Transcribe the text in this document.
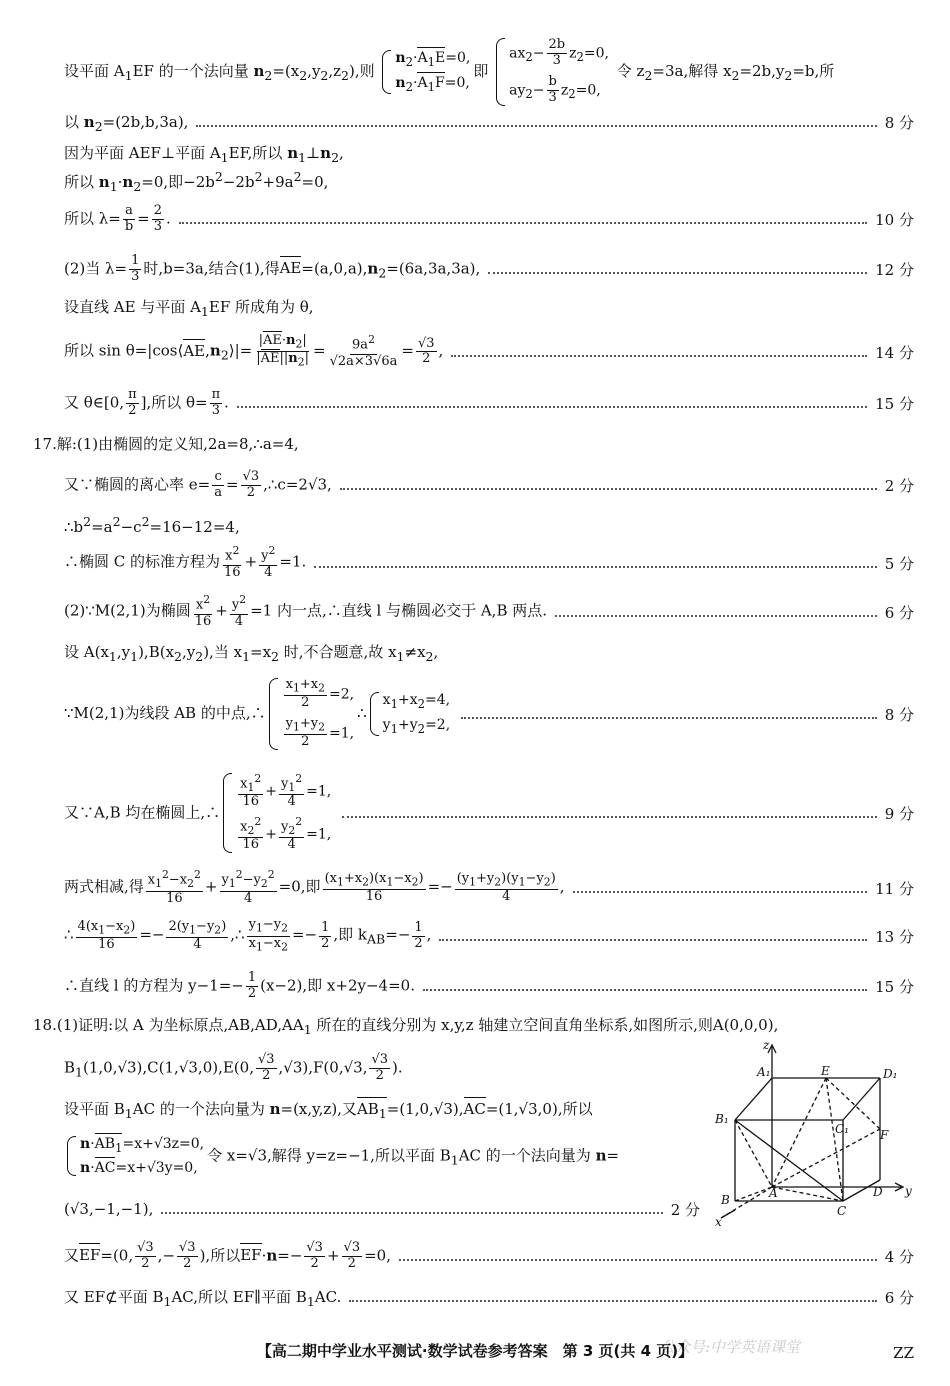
设平面 $A_1EF$ 的一个法向量 $n_2=(x_2,y_2,z_2)$,则
$n_2\cdot A_1E=0$,
$n_2\cdot A_1F=0$,
即
$ax_2- \frac{2b}{3} z_2=0$,
$ay_2- \frac{b}{3} z_2=0$,
令 $z_2=3a$,解得 $x_2=2b,y_2=b$,所
以 $n_2=(2b,b,3a)$,	8 分
因为平面 AEF⊥平面 $A_1EF$,所以 $n_1\perp n_2$,
所以 $n_1\cdot n_2=0$,即$-2b^2-2b^2+9a^2=0$,
所以 $\lambda= \frac{a}{b} = \frac{2}{3}$ .	10 分
(2)当 $\lambda= \frac{1}{3}$ 时,b=3a,结合(1),得$AE=(a,0,a),n_2=(6a,3a,3a)$,	12 分
设直线 AE 与平面 $A_1EF$ 所成角为 θ,
所以 $\sin \theta=|\cos⟨AE,n_2⟩|= \frac{|AE\cdot n_2|}{|AE||n_2|} = \frac{9a^2}{√2a\times 3√6a} = \frac{√3}{2}$ ,	14 分
又 θ∈[0, $\frac{\pi}{2}$ ],所以 $\theta= \frac{\pi}{3}$ .	15 分
17.解:(1)由椭圆的定义知,2a=8,∴a=4,
又∵椭圆的离心率 $e= \frac{c}{a} = \frac{√3}{2}$ ,∴c=2√3,	2 分
$\therefore b^2=a^2-c^2=16-12=4$,
∴椭圆 C 的标准方程为 $\frac{x^2}{16} + \frac{y^2}{4} =1$.	5 分
(2)∵M(2,1)为椭圆 $\frac{x^2}{16} + \frac{y^2}{4} =1$ 内一点,∴直线 l 与椭圆必交于 A,B 两点.	6 分
设 $A(x_1,y_1),B(x_2,y_2)$,当 $x_1=x_2$ 时,不合题意,故 $x_1\ne x_2$,
∵M(2,1)为线段 AB 的中点,∴
$\frac{x_1+x_2}{2} =2$,
$\frac{y_1+y_2}{2} =1$,
∴
$x_1+x_2=4$,
$y_1+y_2=2$,
8 分
又∵A,B 均在椭圆上,∴
$\frac{x_1^2}{16} + \frac{y_1^2}{4} =1$,
$\frac{x_2^2}{16} + \frac{y_2^2}{4} =1$,
9 分
两式相减,得 $\frac{x_1^2-x_2^2}{16} + \frac{y_1^2-y_2^2}{4} =0$,即 $\frac{(x_1+x_2)(x_1-x_2)}{16} =- \frac{(y_1+y_2)(y_1-y_2)}{4}$ ,	11 分
∴ $\frac{4(x_1-x_2)}{16} =- \frac{2(y_1-y_2)}{4}$ ,∴ $\frac{y_1-y_2}{x_1-x_2} =- \frac{1}{2}$ ,即 $k_{AB}=- \frac{1}{2}$ ,	13 分
∴直线 l 的方程为 $y-1=- \frac{1}{2} (x-2)$,即 x+2y−4=0.	15 分
18.(1)证明:以 A 为坐标原点$,AB,AD,AA_1$ 所在的直线分别为 x,y,z 轴建立空间直角坐标系,如图所示,则A(0,0,0),
$B_1(1,0,√3),C(1,√3,0),E(0$, $\frac{√3}{2} ,√3),F(0,√3$, $\frac{√3}{2}$ ).
设平面 $B_1AC$ 的一个法向量为 n=(x,y,z),又$AB_1=(1,0,√3),AC=(1,√3,0)$,所以
$n\cdot AB_1=x+√3z=0$,
n·AC=x+√3y=0,
令 x=√3,解得 y=z=−1,所以平面 $B_1AC$ 的一个法向量为 n=
(√3,−1,−1),	2 分
又EF=(0, $\frac{√3}{2}$ ,− $\frac{√3}{2}$ ),所以$EF\cdot n=- \frac{√3}{2} + \frac{√3}{2} =0$,	4 分
又 EF⊄平面 $B_1AC$,所以 EF∥平面 $B_1AC$.	6 分
z
A₁	E	D₁
B₁
C₁	F
B	A	D y
x
C
公众号:中学英语课堂
【高二期中学业水平测试·数学试卷参考答案　第 3 页(共 4 页)】	ZZ
